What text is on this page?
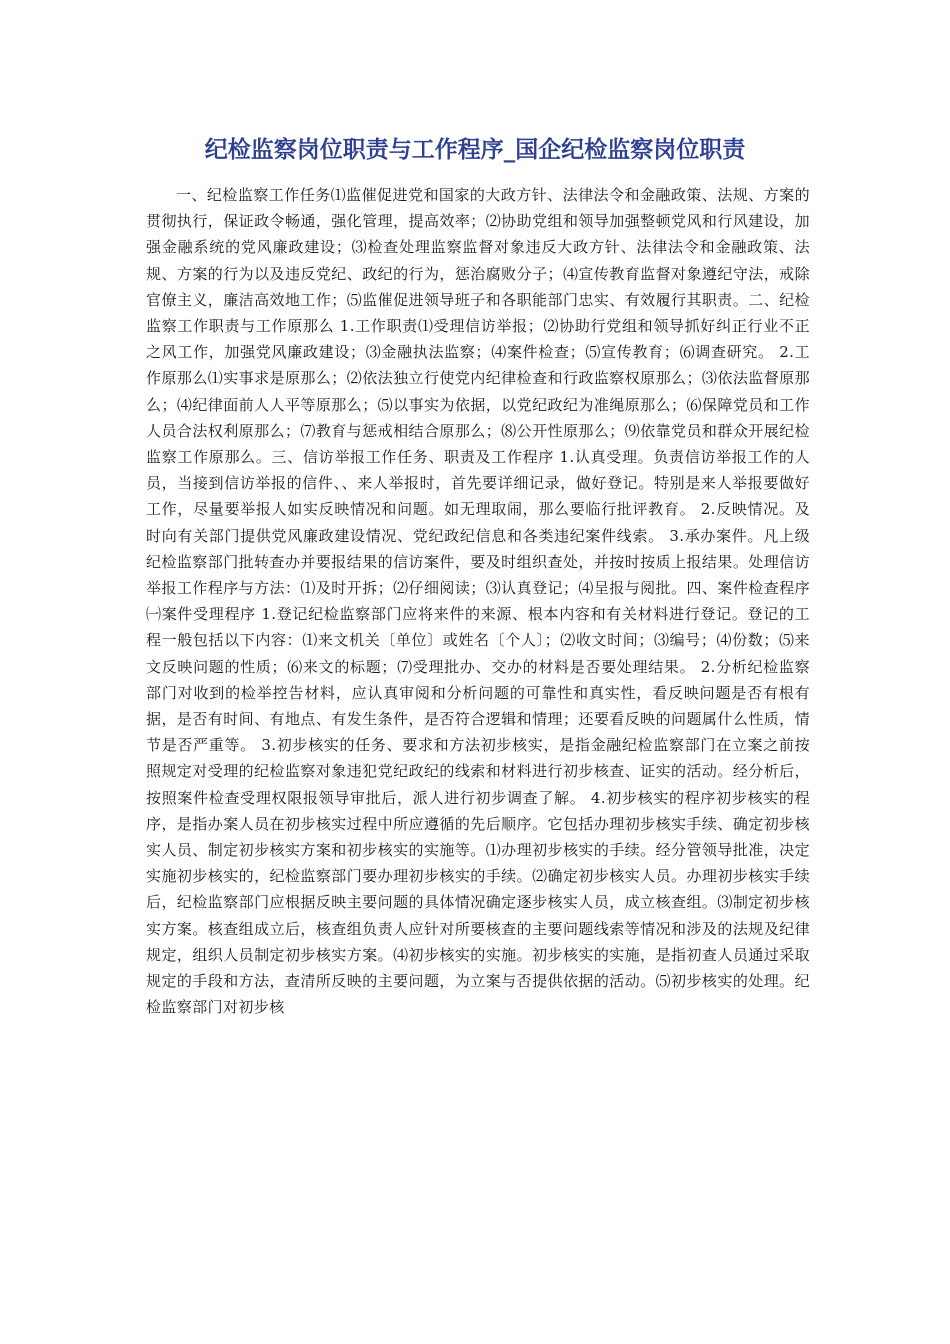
纪检监察岗位职责与工作程序_国企纪检监察岗位职责

一、纪检监察工作任务⑴监催促进党和国家的大政方针、法律法令和金融政策、法规、方案的贯彻执行，保证政令畅通，强化管理，提高效率；⑵协助党组和领导加强整顿党风和行风建设，加强金融系统的党风廉政建设；⑶检查处理监察监督对象违反大政方针、法律法令和金融政策、法规、方案的行为以及违反党纪、政纪的行为，惩治腐败分子；⑷宣传教育监督对象遵纪守法，戒除官僚主义，廉洁高效地工作；⑸监催促进领导班子和各职能部门忠实、有效履行其职责。二、纪检监察工作职责与工作原那么 1.工作职责⑴受理信访举报；⑵协助行党组和领导抓好纠正行业不正之风工作，加强党风廉政建设；⑶金融执法监察；⑷案件检查；⑸宣传教育；⑹调查研究。 2.工作原那么⑴实事求是原那么；⑵依法独立行使党内纪律检查和行政监察权原那么；⑶依法监督原那么；⑷纪律面前人人平等原那么；⑸以事实为依据，以党纪政纪为准绳原那么；⑹保障党员和工作人员合法权利原那么；⑺教育与惩戒相结合原那么；⑻公开性原那么；⑼依靠党员和群众开展纪检监察工作原那么。三、信访举报工作任务、职责及工作程序 1.认真受理。负责信访举报工作的人员，当接到信访举报的信件、、来人举报时，首先要详细记录，做好登记。特别是来人举报要做好工作，尽量要举报人如实反映情况和问题。如无理取闹，那么要临行批评教育。 2.反映情况。及时向有关部门提供党风廉政建设情况、党纪政纪信息和各类违纪案件线索。 3.承办案件。凡上级纪检监察部门批转查办并要报结果的信访案件，要及时组织查处，并按时按质上报结果。处理信访举报工作程序与方法：⑴及时开拆；⑵仔细阅读；⑶认真登记；⑷呈报与阅批。四、案件检查程序㈠案件受理程序 1.登记纪检监察部门应将来件的来源、根本内容和有关材料进行登记。登记的工程一般包括以下内容：⑴来文机关〔单位〕或姓名〔个人〕；⑵收文时间；⑶编号；⑷份数；⑸来文反映问题的性质；⑹来文的标题；⑺受理批办、交办的材料是否要处理结果。 2.分析纪检监察部门对收到的检举控告材料，应认真审阅和分析问题的可靠性和真实性，看反映问题是否有根有据，是否有时间、有地点、有发生条件，是否符合逻辑和情理；还要看反映的问题属什么性质，情节是否严重等。 3.初步核实的任务、要求和方法初步核实，是指金融纪检监察部门在立案之前按照规定对受理的纪检监察对象违犯党纪政纪的线索和材料进行初步核查、证实的活动。经分析后，按照案件检查受理权限报领导审批后，派人进行初步调查了解。 4.初步核实的程序初步核实的程序，是指办案人员在初步核实过程中所应遵循的先后顺序。它包括办理初步核实手续、确定初步核实人员、制定初步核实方案和初步核实的实施等。⑴办理初步核实的手续。经分管领导批准，决定实施初步核实的，纪检监察部门要办理初步核实的手续。⑵确定初步核实人员。办理初步核实手续后，纪检监察部门应根据反映主要问题的具体情况确定逐步核实人员，成立核查组。⑶制定初步核实方案。核查组成立后，核查组负责人应针对所要核查的主要问题线索等情况和涉及的法规及纪律规定，组织人员制定初步核实方案。⑷初步核实的实施。初步核实的实施，是指初查人员通过采取规定的手段和方法，查清所反映的主要问题，为立案与否提供依据的活动。⑸初步核实的处理。纪检监察部门对初步核
